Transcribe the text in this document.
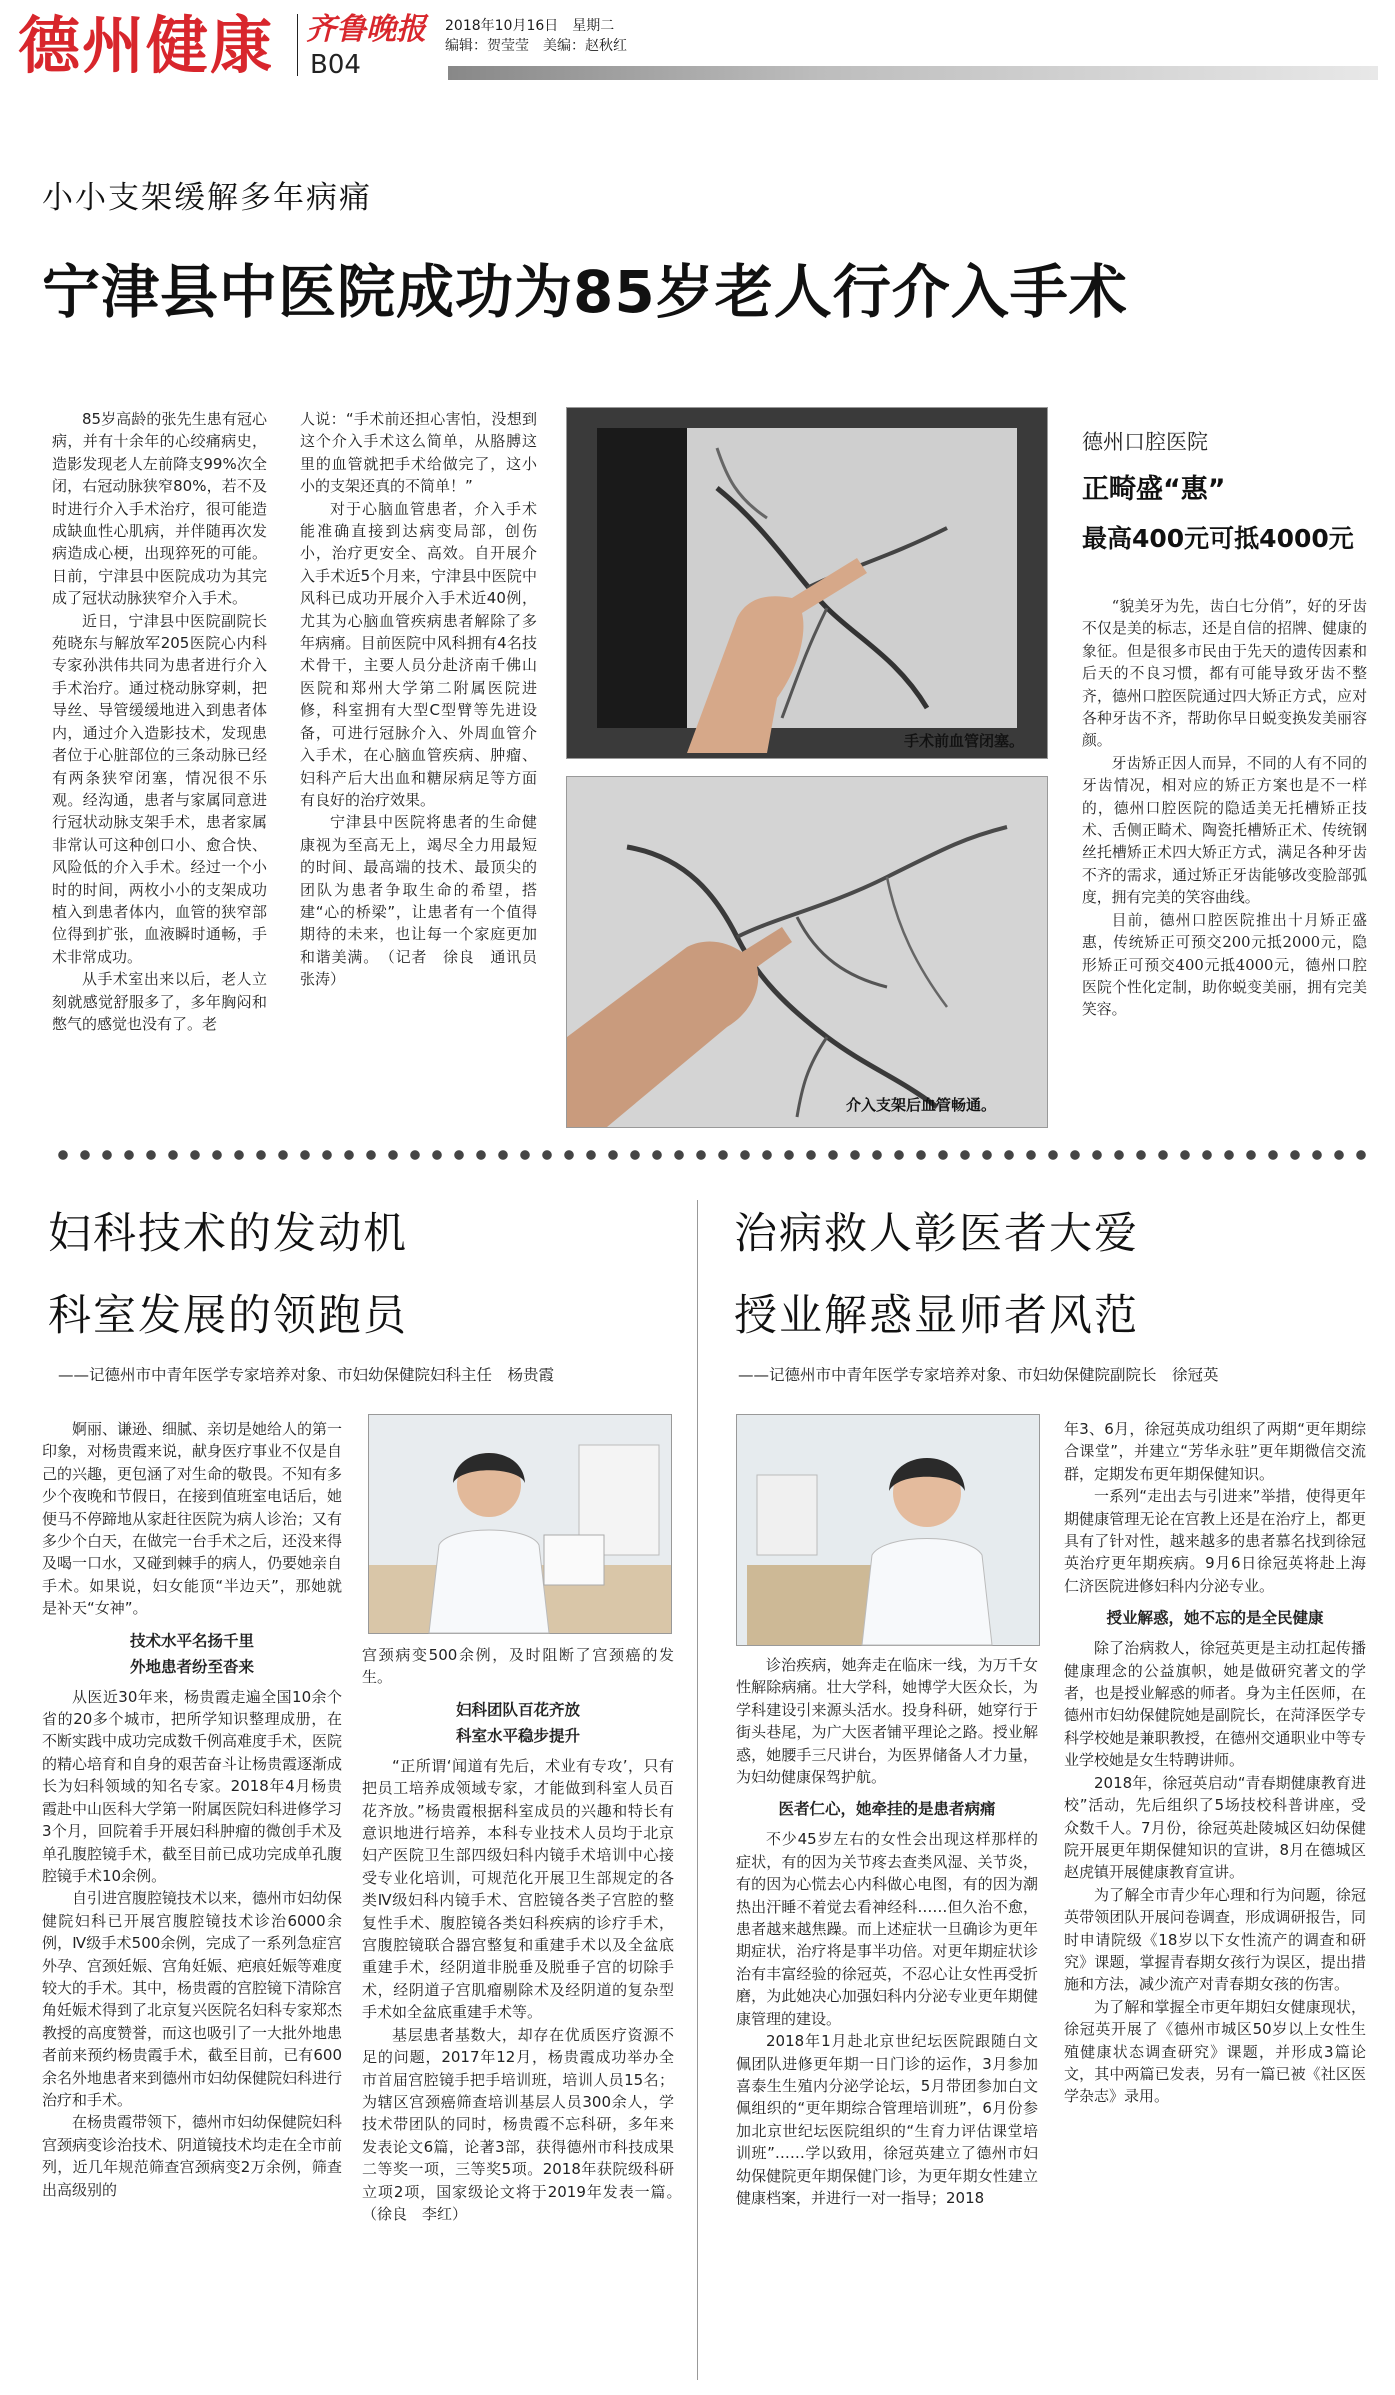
德州健康 齐鲁晚报
B04
2018年10月16日　星期二
编辑：贺莹莹　美编：赵秋红
小小支架缓解多年病痛
宁津县中医院成功为85岁老人行介入手术

85岁高龄的张先生患有冠心病，并有十余年的心绞痛病史，造影发现老人左前降支99%次全闭，右冠动脉狭窄80%，若不及时进行介入手术治疗，很可能造成缺血性心肌病，并伴随再次发病造成心梗，出现猝死的可能。日前，宁津县中医院成功为其完成了冠状动脉狭窄介入手术。

近日，宁津县中医院副院长苑晓东与解放军205医院心内科专家孙洪伟共同为患者进行介入手术治疗。通过桡动脉穿刺，把导丝、导管缓缓地进入到患者体内，通过介入造影技术，发现患者位于心脏部位的三条动脉已经有两条狭窄闭塞，情况很不乐观。经沟通，患者与家属同意进行冠状动脉支架手术，患者家属非常认可这种创口小、愈合快、风险低的介入手术。经过一个小时的时间，两枚小小的支架成功植入到患者体内，血管的狭窄部位得到扩张，血液瞬时通畅，手术非常成功。

从手术室出来以后，老人立刻就感觉舒服多了，多年胸闷和憋气的感觉也没有了。老

人说：“手术前还担心害怕，没想到这个介入手术这么简单，从胳膊这里的血管就把手术给做完了，这小小的支架还真的不简单！”

对于心脑血管患者，介入手术能准确直接到达病变局部，创伤小，治疗更安全、高效。自开展介入手术近5个月来，宁津县中医院中风科已成功开展介入手术近40例，尤其为心脑血管疾病患者解除了多年病痛。目前医院中风科拥有4名技术骨干，主要人员分赴济南千佛山医院和郑州大学第二附属医院进修，科室拥有大型C型臂等先进设备，可进行冠脉介入、外周血管介入手术，在心脑血管疾病、肿瘤、妇科产后大出血和糖尿病足等方面有良好的治疗效果。

宁津县中医院将患者的生命健康视为至高无上，竭尽全力用最短的时间、最高端的技术、最顶尖的团队为患者争取生命的希望，搭建“心的桥梁”，让患者有一个值得期待的未来，也让每一个家庭更加和谐美满。　（记者　徐良　通讯员　张涛）

手术前血管闭塞。
介入支架后血管畅通。
德州口腔医院
正畸盛“惠”
最高400元可抵4000元

“貌美牙为先，齿白七分俏”，好的牙齿不仅是美的标志，还是自信的招牌、健康的象征。但是很多市民由于先天的遗传因素和后天的不良习惯，都有可能导致牙齿不整齐，德州口腔医院通过四大矫正方式，应对各种牙齿不齐，帮助你早日蜕变换发美丽容颜。

牙齿矫正因人而异，不同的人有不同的牙齿情况，相对应的矫正方案也是不一样的，德州口腔医院的隐适美无托槽矫正技术、舌侧正畸术、陶瓷托槽矫正术、传统钢丝托槽矫正术四大矫正方式，满足各种牙齿不齐的需求，通过矫正牙齿能够改变脸部弧度，拥有完美的笑容曲线。

目前，德州口腔医院推出十月矫正盛惠，传统矫正可预交200元抵2000元，隐形矫正可预交400元抵4000元，德州口腔医院个性化定制，助你蜕变美丽，拥有完美笑容。

妇科技术的发动机
科室发展的领跑员
——记德州市中青年医学专家培养对象、市妇幼保健院妇科主任　杨贵霞

婀丽、谦逊、细腻、亲切是她给人的第一印象，对杨贵霞来说，献身医疗事业不仅是自己的兴趣，更包涵了对生命的敬畏。不知有多少个夜晚和节假日，在接到值班室电话后，她便马不停蹄地从家赶往医院为病人诊治；又有多少个白天，在做完一台手术之后，还没来得及喝一口水，又碰到棘手的病人，仍要她亲自手术。如果说，妇女能顶“半边天”，那她就是补天“女神”。

技术水平名扬千里
外地患者纷至沓来

从医近30年来，杨贵霞走遍全国10余个省的20多个城市，把所学知识整理成册，在不断实践中成功完成数千例高难度手术，医院的精心培育和自身的艰苦奋斗让杨贵霞逐渐成长为妇科领域的知名专家。2018年4月杨贵霞赴中山医科大学第一附属医院妇科进修学习3个月，回院着手开展妇科肿瘤的微创手术及单孔腹腔镜手术，截至目前已成功完成单孔腹腔镜手术10余例。

自引进宫腹腔镜技术以来，德州市妇幼保健院妇科已开展宫腹腔镜技术诊治6000余例，Ⅳ级手术500余例，完成了一系列急症宫外孕、宫颈妊娠、宫角妊娠、疤痕妊娠等难度较大的手术。其中，杨贵霞的宫腔镜下清除宫角妊娠术得到了北京复兴医院名妇科专家郑杰教授的高度赞誉，而这也吸引了一大批外地患者前来预约杨贵霞手术，截至目前，已有600余名外地患者来到德州市妇幼保健院妇科进行治疗和手术。

在杨贵霞带领下，德州市妇幼保健院妇科宫颈病变诊治技术、阴道镜技术均走在全市前列，近几年规范筛查宫颈病变2万余例，筛查出高级别的

宫颈病变500余例，及时阻断了宫颈癌的发生。

妇科团队百花齐放
科室水平稳步提升

“正所谓‘闻道有先后，术业有专攻’，只有把员工培养成领域专家，才能做到科室人员百花齐放。”杨贵霞根据科室成员的兴趣和特长有意识地进行培养，本科专业技术人员均于北京妇产医院卫生部四级妇科内镜手术培训中心接受专业化培训，可规范化开展卫生部规定的各类Ⅳ级妇科内镜手术、宫腔镜各类子宫腔的整复性手术、腹腔镜各类妇科疾病的诊疗手术，宫腹腔镜联合器宫整复和重建手术以及全盆底重建手术，经阴道非脱垂及脱垂子宫的切除手术，经阴道子宫肌瘤剔除术及经阴道的复杂型手术如全盆底重建手术等。

基层患者基数大，却存在优质医疗资源不足的问题，2017年12月，杨贵霞成功举办全市首届宫腔镜手把手培训班，培训人员15名；为辖区宫颈癌筛查培训基层人员300余人，学技术带团队的同时，杨贵霞不忘科研，多年来发表论文6篇，论著3部，获得德州市科技成果二等奖一项，三等奖5项。2018年获院级科研立项2项，国家级论文将于2019年发表一篇。　（徐良　李红）

治病救人彰医者大爱
授业解惑显师者风范
——记德州市中青年医学专家培养对象、市妇幼保健院副院长　徐冠英

诊治疾病，她奔走在临床一线，为万千女性解除病痛。壮大学科，她博学大医众长，为学科建设引来源头活水。投身科研，她穿行于街头巷尾，为广大医者铺平理论之路。授业解惑，她腰手三尺讲台，为医界储备人才力量，为妇幼健康保驾护航。

医者仁心，她牵挂的是患者病痛

不少45岁左右的女性会出现这样那样的症状，有的因为关节疼去查类风湿、关节炎，有的因为心慌去心内科做心电图，有的因为潮热出汗睡不着觉去看神经科……但久治不愈，患者越来越焦躁。而上述症状一旦确诊为更年期症状，治疗将是事半功倍。对更年期症状诊治有丰富经验的徐冠英，不忍心让女性再受折磨，为此她决心加强妇科内分泌专业更年期健康管理的建设。

2018年1月赴北京世纪坛医院跟随白文佩团队进修更年期一日门诊的运作，3月参加喜泰生生殖内分泌学论坛，5月带团参加白文佩组织的“更年期综合管理培训班”，6月份参加北京世纪坛医院组织的“生育力评估课堂培训班”……学以致用，徐冠英建立了德州市妇幼保健院更年期保健门诊，为更年期女性建立健康档案，并进行一对一指导；2018

年3、6月，徐冠英成功组织了两期“更年期综合课堂”，并建立“芳华永驻”更年期微信交流群，定期发布更年期保健知识。

一系列“走出去与引进来”举措，使得更年期健康管理无论在宫教上还是在治疗上，都更具有了针对性，越来越多的患者慕名找到徐冠英治疗更年期疾病。9月6日徐冠英将赴上海仁济医院进修妇科内分泌专业。

授业解惑，她不忘的是全民健康

除了治病救人，徐冠英更是主动扛起传播健康理念的公益旗帜，她是做研究著文的学者，也是授业解惑的师者。身为主任医师，在德州市妇幼保健院她是副院长，在菏泽医学专科学校她是兼职教授，在德州交通职业中等专业学校她是女生特聘讲师。

2018年，徐冠英启动“青春期健康教育进校”活动，先后组织了5场技校科普讲座，受众数千人。7月份，徐冠英赴陵城区妇幼保健院开展更年期保健知识的宣讲，8月在德城区赵虎镇开展健康教育宣讲。

为了解全市青少年心理和行为问题，徐冠英带领团队开展问卷调查，形成调研报告，同时申请院级《18岁以下女性流产的调查和研究》课题，掌握青春期女孩行为误区，提出措施和方法，减少流产对青春期女孩的伤害。

为了解和掌握全市更年期妇女健康现状，徐冠英开展了《德州市城区50岁以上女性生殖健康状态调查研究》课题，并形成3篇论文，其中两篇已发表，另有一篇已被《社区医学杂志》录用。
